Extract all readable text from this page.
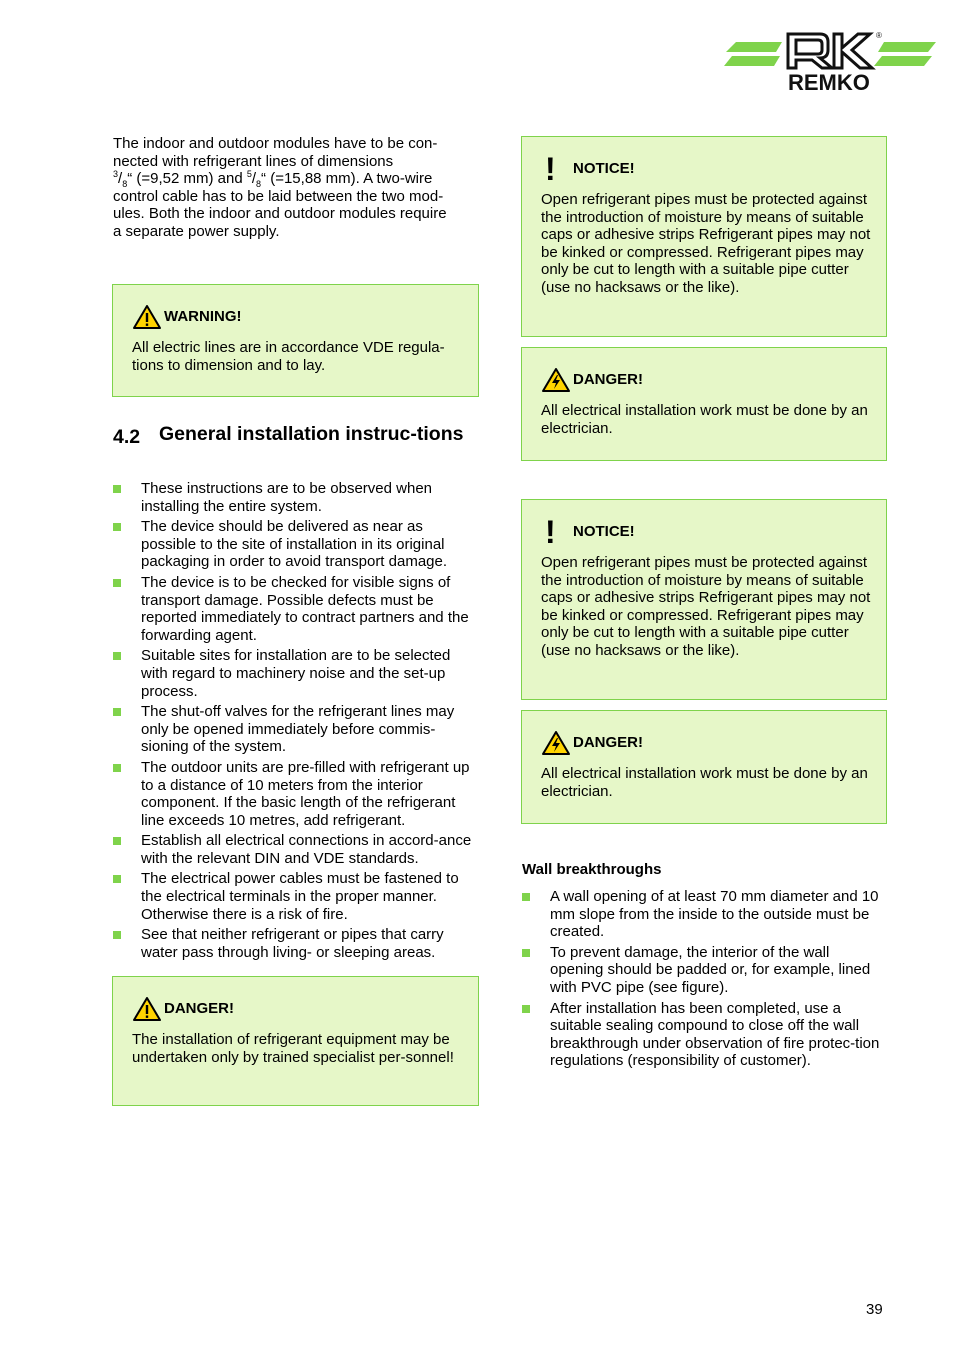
REMKO
®
The indoor and outdoor modules have to be con-
nected with refrigerant lines of dimensions
$^3/_8“$ (=9,52 mm) and $^5/_8“$ (=15,88 mm). A two-wire
control cable has to be laid between the two mod-
ules. Both the indoor and outdoor modules require
a separate power supply.
WARNING!
All electric lines are in accordance VDE regula-tions to dimension and to lay.
4.2 General installation instruc-tions
These instructions are to be observed when installing the entire system.
The device should be delivered as near as possible to the site of installation in its original packaging in order to avoid transport damage.
The device is to be checked for visible signs of transport damage. Possible defects must be reported immediately to contract partners and the forwarding agent.
Suitable sites for installation are to be selected with regard to machinery noise and the set-up process.
The shut-off valves for the refrigerant lines may only be opened immediately before commis-sioning of the system.
The outdoor units are pre-filled with refrigerant up to a distance of 10 meters from the interior component. If the basic length of the refrigerant line exceeds 10 metres, add refrigerant.
Establish all electrical connections in accord-ance with the relevant DIN and VDE standards.
The electrical power cables must be fastened to the electrical terminals in the proper manner. Otherwise there is a risk of fire.
See that neither refrigerant or pipes that carry water pass through living- or sleeping areas.
DANGER!
The installation of refrigerant equipment may be undertaken only by trained specialist per-sonnel!
! NOTICE!
Open refrigerant pipes must be protected against the introduction of moisture by means of suitable caps or adhesive strips Refrigerant pipes may not be kinked or compressed. Refrigerant pipes may only be cut to length with a suitable pipe cutter (use no hacksaws or the like).
DANGER!
All electrical installation work must be done by an electrician.
! NOTICE!
Open refrigerant pipes must be protected against the introduction of moisture by means of suitable caps or adhesive strips Refrigerant pipes may not be kinked or compressed. Refrigerant pipes may only be cut to length with a suitable pipe cutter (use no hacksaws or the like).
DANGER!
All electrical installation work must be done by an electrician.
Wall breakthroughs
A wall opening of at least 70 mm diameter and 10 mm slope from the inside to the outside must be created.
To prevent damage, the interior of the wall opening should be padded or, for example, lined with PVC pipe (see figure).
After installation has been completed, use a suitable sealing compound to close off the wall breakthrough under observation of fire protec-tion regulations (responsibility of customer).
39
